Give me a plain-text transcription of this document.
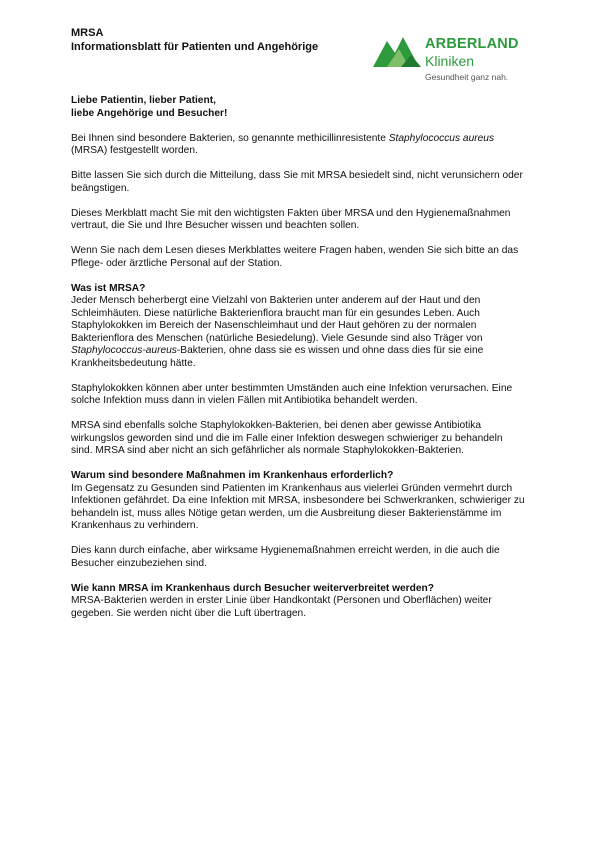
MRSA
Informationsblatt für Patienten und Angehörige	ARBERLAND
Kliniken
Gesundheit ganz nah.
Liebe Patientin, lieber Patient,
liebe Angehörige und Besucher!

Bei Ihnen sind besondere Bakterien, so genannte methicillinresistente Staphylococcus aureus (MRSA) festgestellt worden.

Bitte lassen Sie sich durch die Mitteilung, dass Sie mit MRSA besiedelt sind, nicht verunsichern oder beängstigen.

Dieses Merkblatt macht Sie mit den wichtigsten Fakten über MRSA und den Hygienemaßnahmen vertraut, die Sie und Ihre Besucher wissen und beachten sollen.

Wenn Sie nach dem Lesen dieses Merkblattes weitere Fragen haben, wenden Sie sich bitte an das Pflege- oder ärztliche Personal auf der Station.

Was ist MRSA?

Jeder Mensch beherbergt eine Vielzahl von Bakterien unter anderem auf der Haut und den Schleimhäuten. Diese natürliche Bakterienflora braucht man für ein gesundes Leben. Auch Staphylokokken im Bereich der Nasenschleimhaut und der Haut gehören zu der normalen Bakterienflora des Menschen (natürliche Besiedelung). Viele Gesunde sind also Träger von Staphylococcus-aureus-Bakterien, ohne dass sie es wissen und ohne dass dies für sie eine Krankheitsbedeutung hätte.

Staphylokokken können aber unter bestimmten Umständen auch eine Infektion verursachen. Eine solche Infektion muss dann in vielen Fällen mit Antibiotika behandelt werden.

MRSA sind ebenfalls solche Staphylokokken-Bakterien, bei denen aber gewisse Antibiotika wirkungslos geworden sind und die im Falle einer Infektion deswegen schwieriger zu behandeln sind. MRSA sind aber nicht an sich gefährlicher als normale Staphylokokken-Bakterien.

Warum sind besondere Maßnahmen im Krankenhaus erforderlich?

Im Gegensatz zu Gesunden sind Patienten im Krankenhaus aus vielerlei Gründen vermehrt durch Infektionen gefährdet. Da eine Infektion mit MRSA, insbesondere bei Schwerkranken, schwieriger zu behandeln ist, muss alles Nötige getan werden, um die Ausbreitung dieser Bakterienstämme im Krankenhaus zu verhindern.

Dies kann durch einfache, aber wirksame Hygienemaßnahmen erreicht werden, in die auch die Besucher einzubeziehen sind.

Wie kann MRSA im Krankenhaus durch Besucher weiterverbreitet werden?

MRSA-Bakterien werden in erster Linie über Handkontakt (Personen und Oberflächen) weiter gegeben. Sie werden nicht über die Luft übertragen.
